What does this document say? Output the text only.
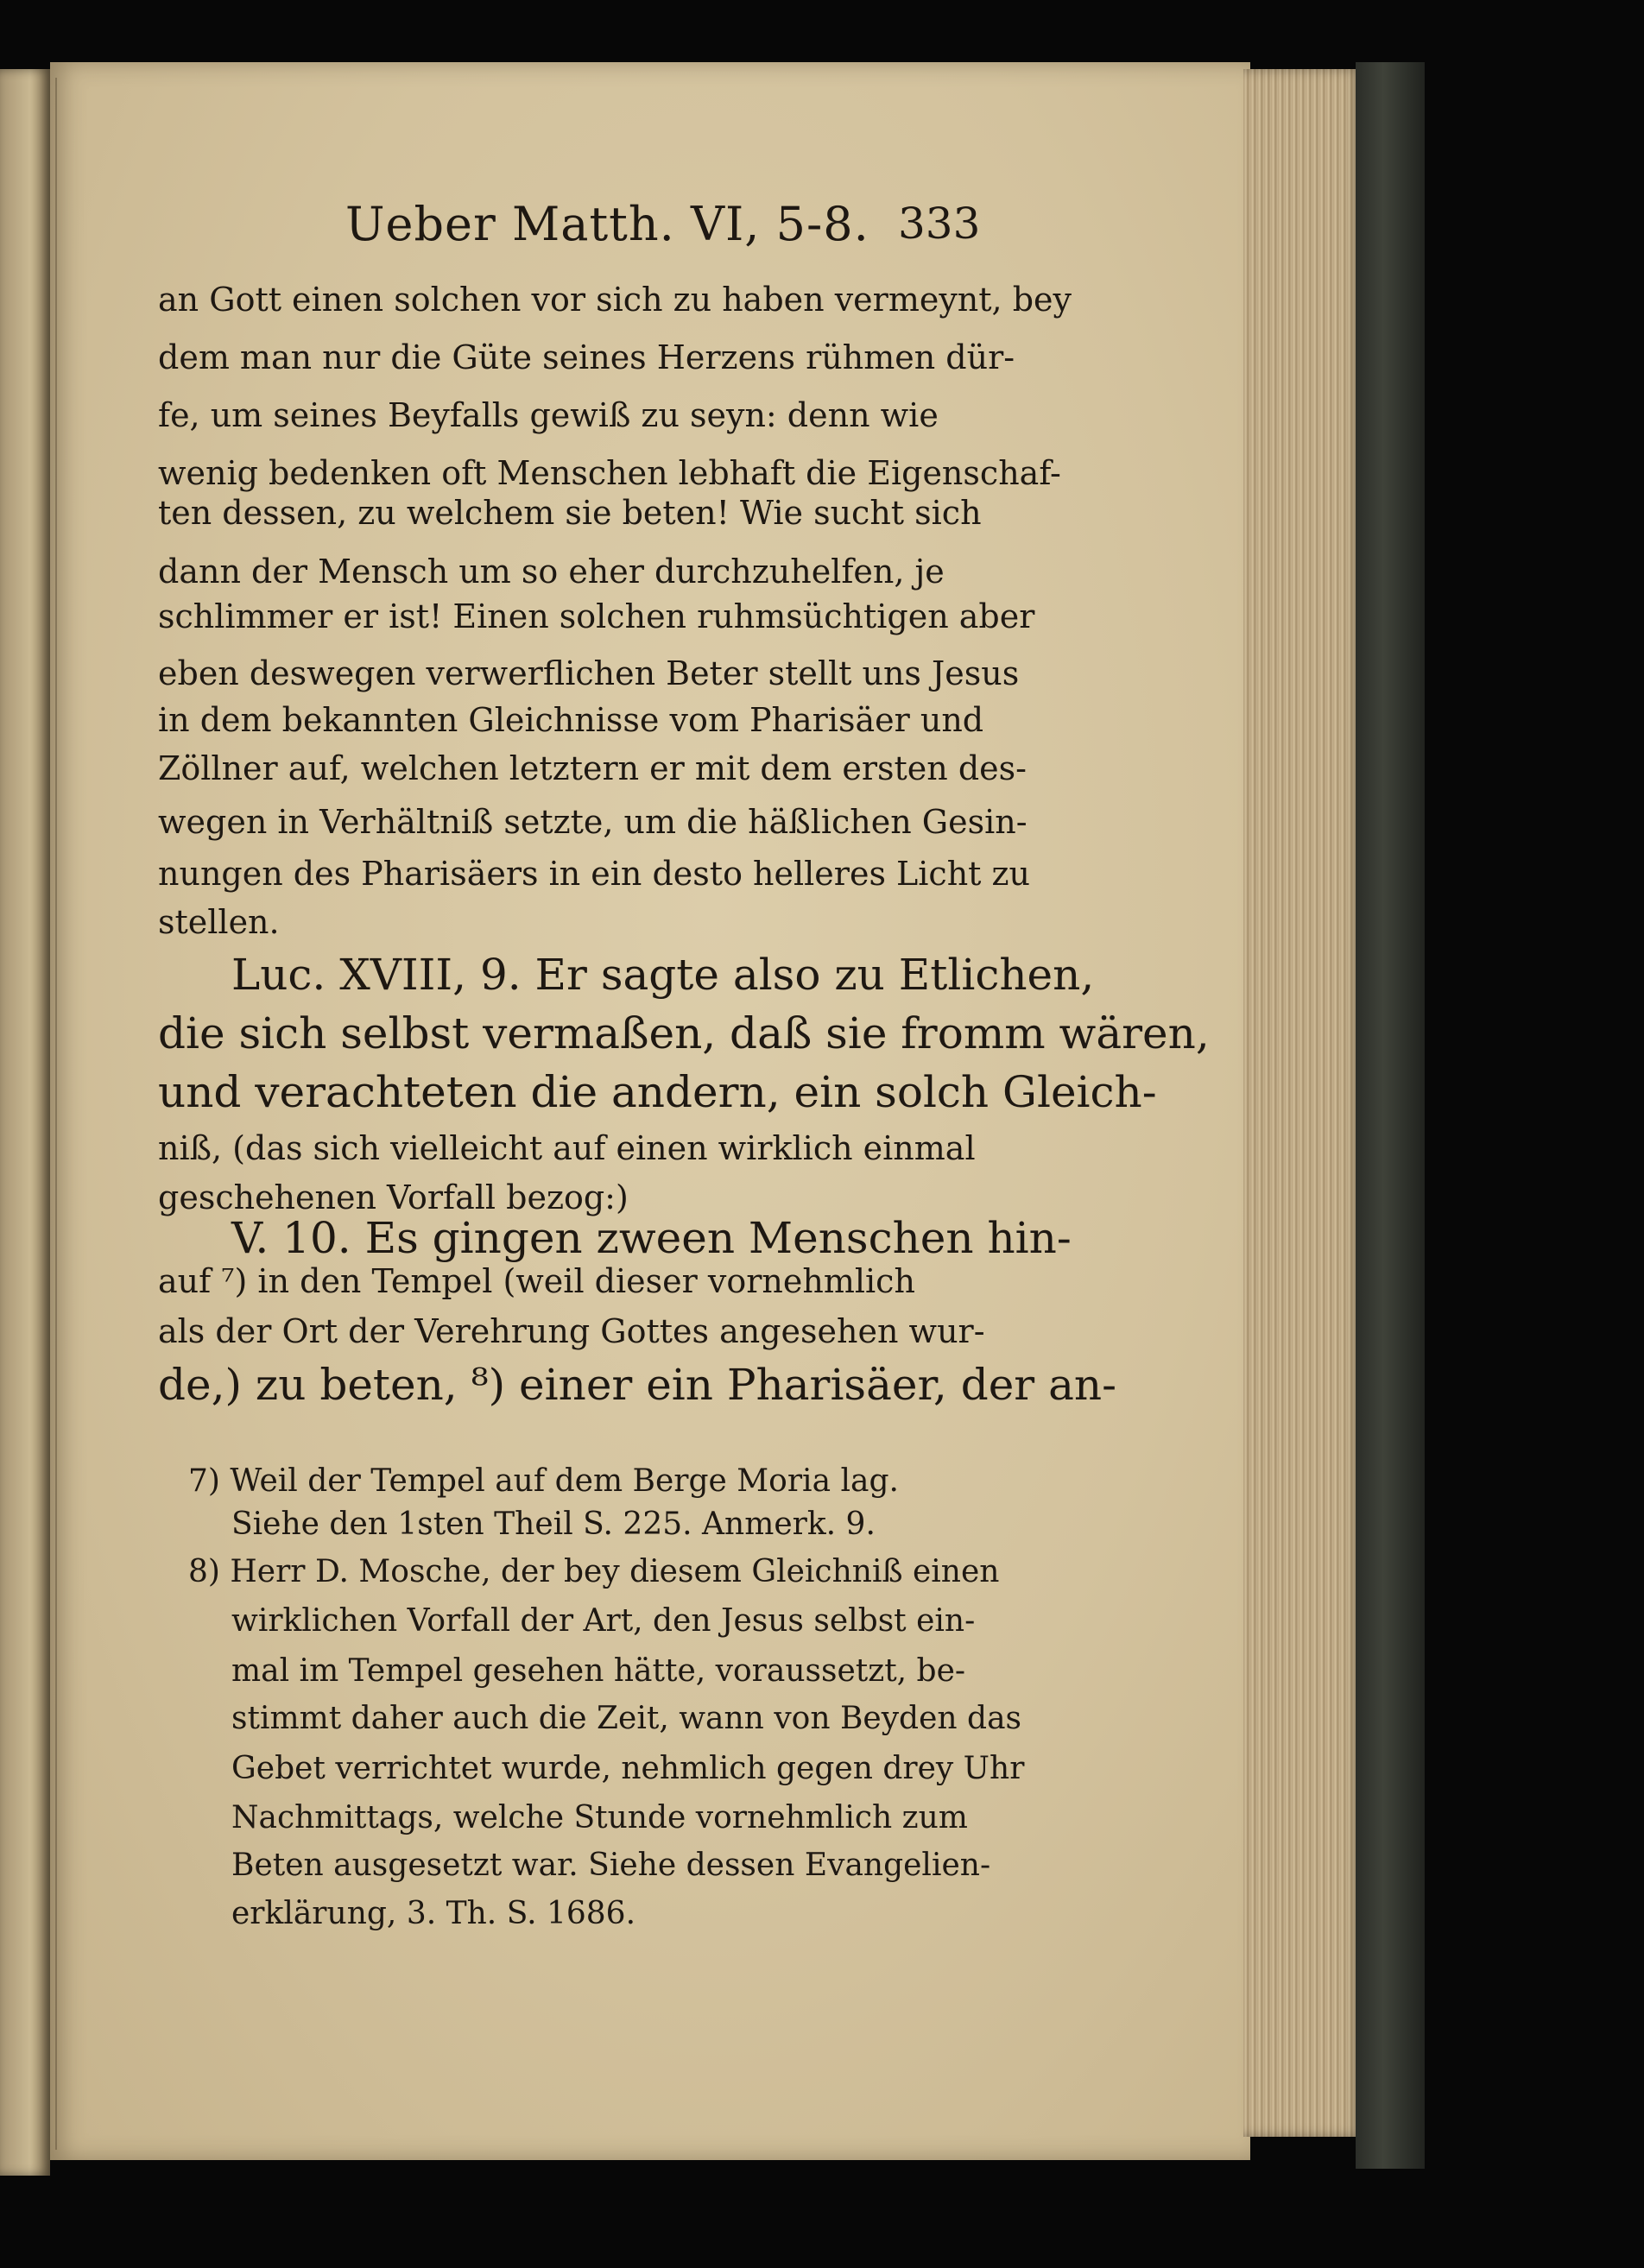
Ueber Matth. VI, 5-8. 333
an Gott einen solchen vor sich zu haben vermeynt, bey
dem man nur die Güte seines Herzens rühmen dür-
fe, um seines Beyfalls gewiß zu seyn: denn wie
wenig bedenken oft Menschen lebhaft die Eigenschaf-
ten dessen, zu welchem sie beten! Wie sucht sich
dann der Mensch um so eher durchzuhelfen, je
schlimmer er ist! Einen solchen ruhmsüchtigen aber
eben deswegen verwerflichen Beter stellt uns Jesus
in dem bekannten Gleichnisse vom Pharisäer und
Zöllner auf, welchen letztern er mit dem ersten des-
wegen in Verhältniß setzte, um die häßlichen Gesin-
nungen des Pharisäers in ein desto helleres Licht zu
stellen.
Luc. XVIII, 9. Er sagte also zu Etlichen,
die sich selbst vermaßen, daß sie fromm wären,
und verachteten die andern, ein solch Gleich-
niß, (das sich vielleicht auf einen wirklich einmal
geschehenen Vorfall bezog:)
V. 10. Es gingen zween Menschen hin-
auf ⁷) in den Tempel (weil dieser vornehmlich
als der Ort der Verehrung Gottes angesehen wur-
de,) zu beten, ⁸) einer ein Pharisäer, der an-
7) Weil der Tempel auf dem Berge Moria lag.
Siehe den 1sten Theil S. 225. Anmerk. 9.
8) Herr D. Mosche, der bey diesem Gleichniß einen
wirklichen Vorfall der Art, den Jesus selbst ein-
mal im Tempel gesehen hätte, voraussetzt, be-
stimmt daher auch die Zeit, wann von Beyden das
Gebet verrichtet wurde, nehmlich gegen drey Uhr
Nachmittags, welche Stunde vornehmlich zum
Beten ausgesetzt war. Siehe dessen Evangelien-
erklärung, 3. Th. S. 1686.
